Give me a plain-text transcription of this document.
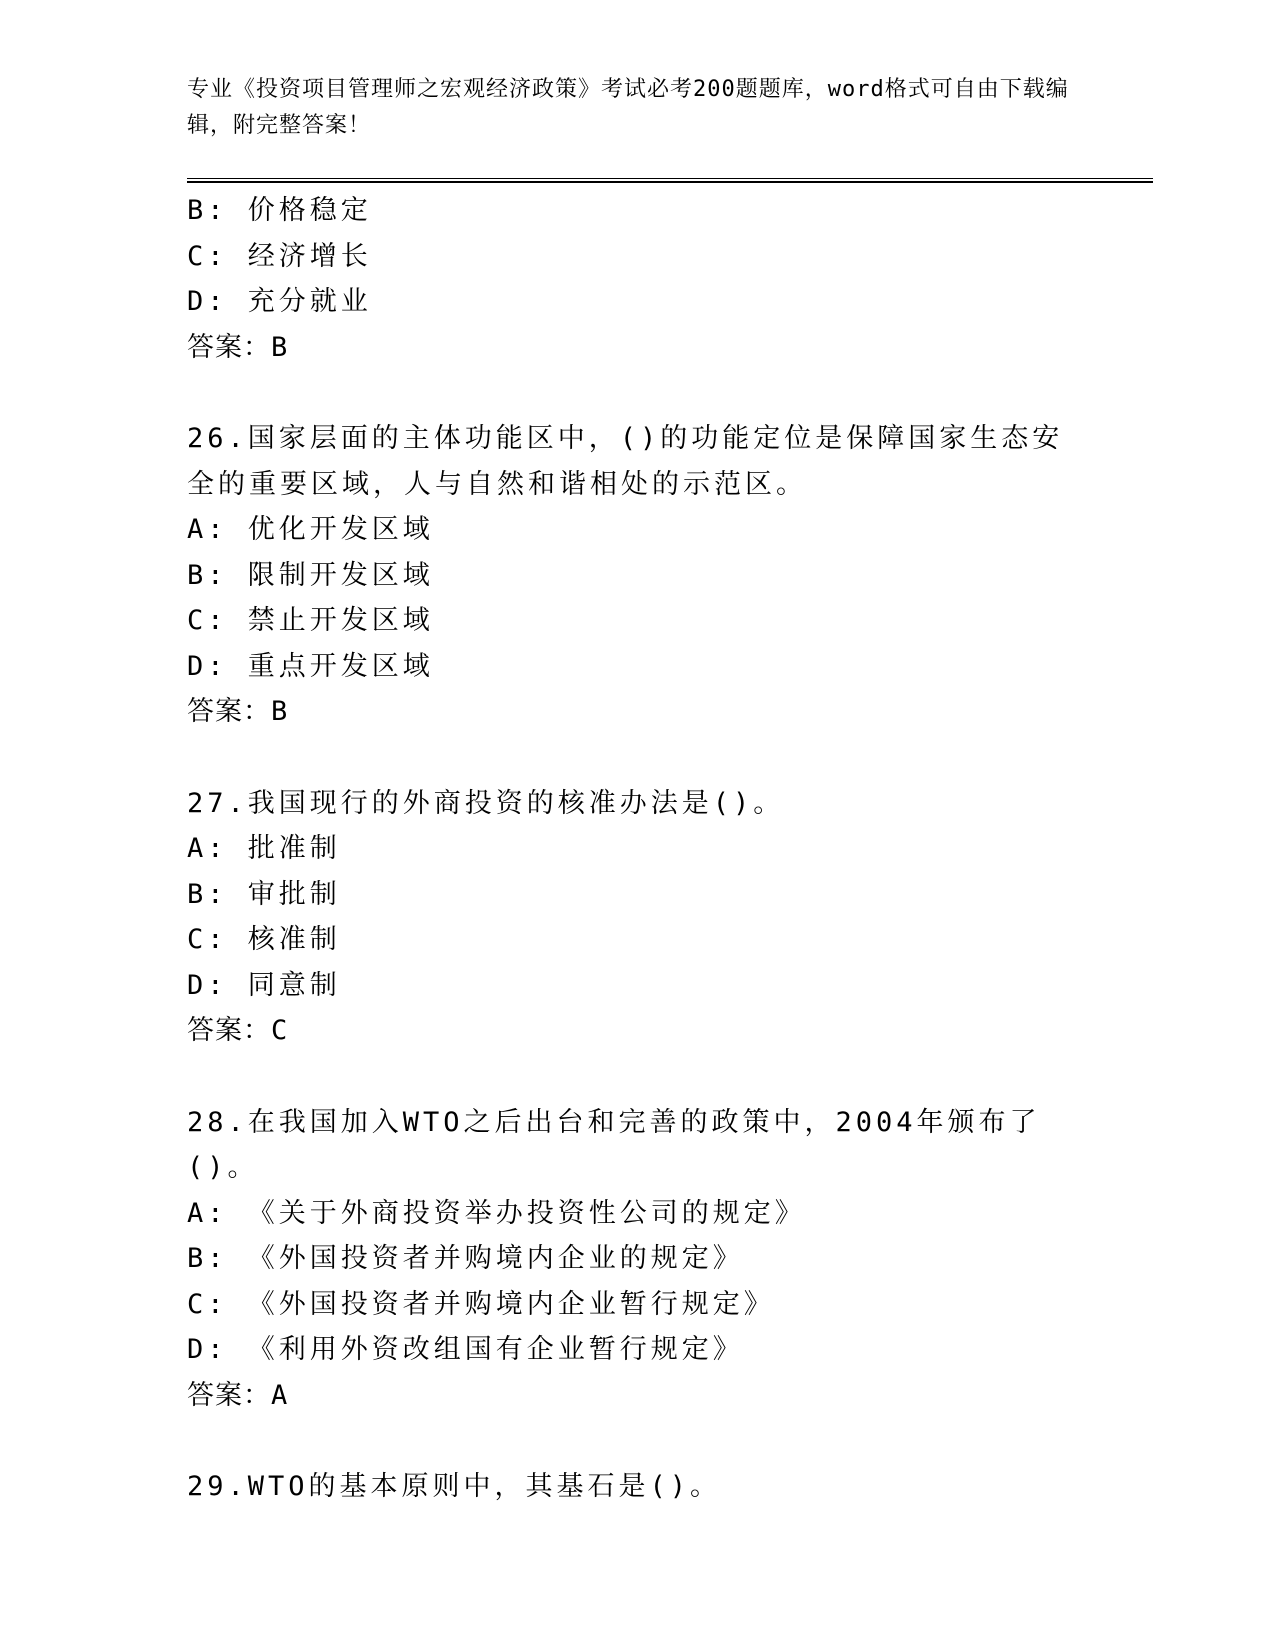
专业《投资项目管理师之宏观经济政策》考试必考200题题库，word格式可自由下载编辑，附完整答案！
B: 价格稳定
C: 经济增长
D: 充分就业
答案：B
26.国家层面的主体功能区中，()的功能定位是保障国家生态安全的重要区域，人与自然和谐相处的示范区。
A: 优化开发区域
B: 限制开发区域
C: 禁止开发区域
D: 重点开发区域
答案：B
27.我国现行的外商投资的核准办法是()。
A: 批准制
B: 审批制
C: 核准制
D: 同意制
答案：C
28.在我国加入WTO之后出台和完善的政策中，2004年颁布了()。
A: 《关于外商投资举办投资性公司的规定》
B: 《外国投资者并购境内企业的规定》
C: 《外国投资者并购境内企业暂行规定》
D: 《利用外资改组国有企业暂行规定》
答案：A
29.WTO的基本原则中，其基石是()。
